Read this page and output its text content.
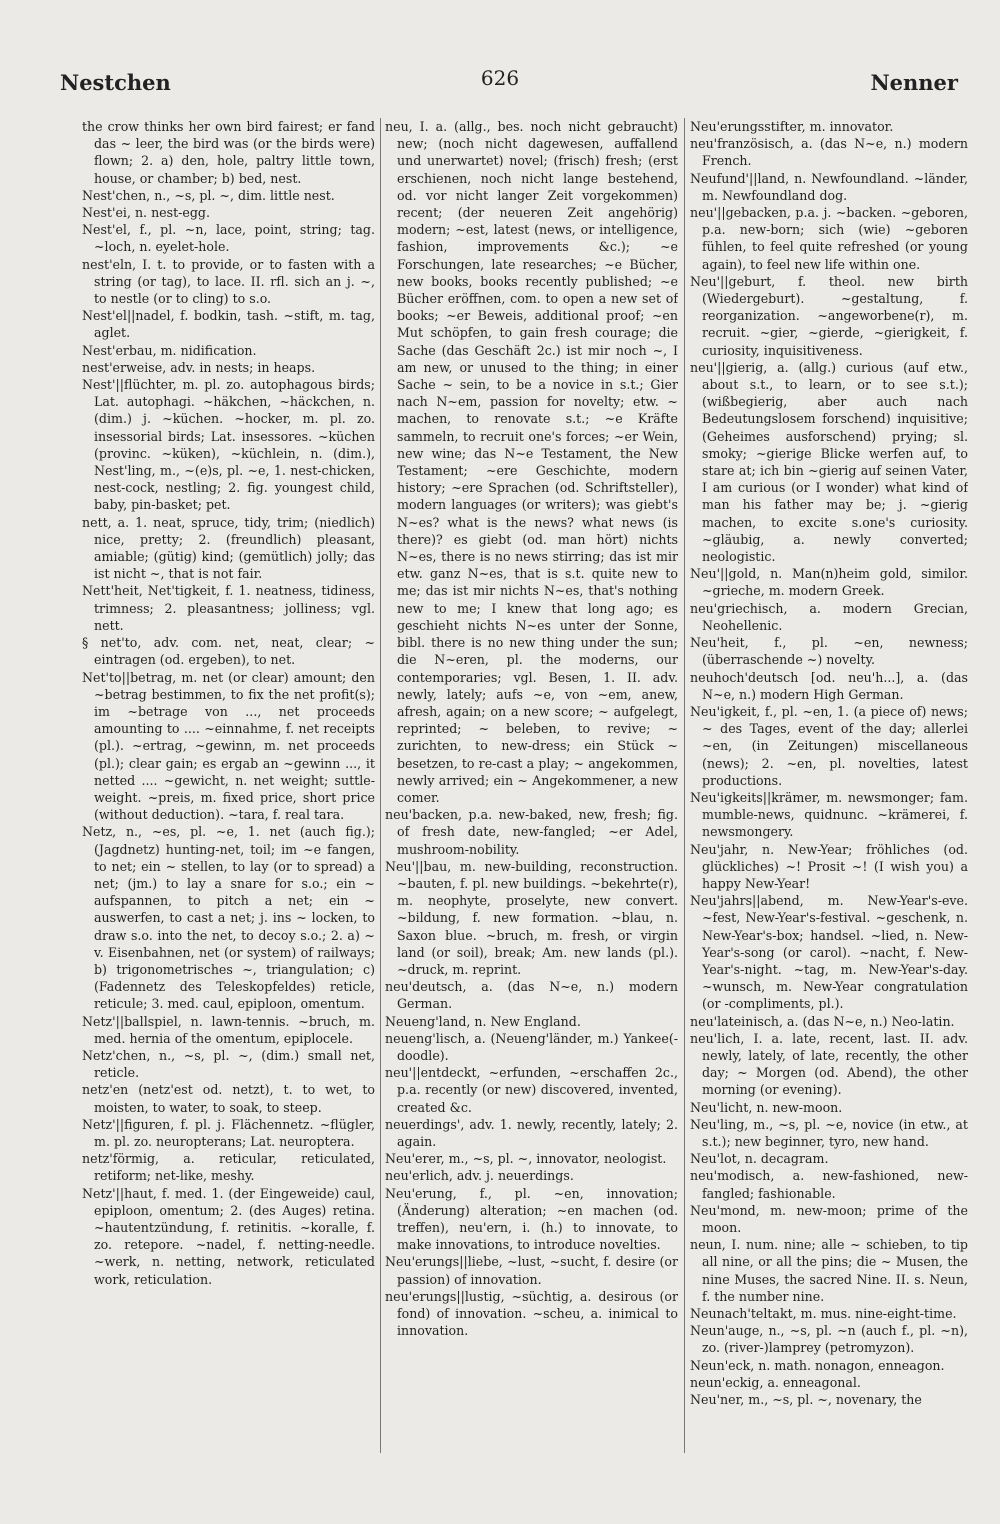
Nestchen	626	Nenner

the crow thinks her own bird fairest; er fand das ~ leer, the bird was (or the birds were) flown; 2. a) den, hole, paltry little town, house, or chamber; b) bed, nest.

Nest'chen, n., ~s, pl. ~, dim. little nest.

Nest'ei, n. nest-egg.

Nest'el, f., pl. ~n, lace, point, string; tag. ~loch, n. eyelet-hole.

nest'eln, I. t. to provide, or to fasten with a string (or tag), to lace. II. rfl. sich an j. ~, to nestle (or to cling) to s.o.

Nest'el||nadel, f. bodkin, tash. ~stift, m. tag, aglet.

Nest'erbau, m. nidification.

nest'erweise, adv. in nests; in heaps.

Nest'||flüchter, m. pl. zo. autophagous birds; Lat. autophagi. ~häkchen, ~häckchen, n. (dim.) j. ~küchen. ~hocker, m. pl. zo. insessorial birds; Lat. insessores. ~küchen (provinc. ~küken), ~küchlein, n. (dim.), Nest'ling, m., ~(e)s, pl. ~e, 1. nest-chicken, nest-cock, nestling; 2. fig. youngest child, baby, pin-basket; pet.

nett, a. 1. neat, spruce, tidy, trim; (niedlich) nice, pretty; 2. (freundlich) pleasant, amiable; (gütig) kind; (gemütlich) jolly; das ist nicht ~, that is not fair.

Nett'heit, Net'tigkeit, f. 1. neatness, tidiness, trimness; 2. pleasantness; jolliness; vgl. nett.

§ net'to, adv. com. net, neat, clear; ~ eintragen (od. ergeben), to net.

Net'to||betrag, m. net (or clear) amount; den ~betrag bestimmen, to fix the net profit(s); im ~betrage von ..., net proceeds amounting to .... ~einnahme, f. net receipts (pl.). ~ertrag, ~gewinn, m. net proceeds (pl.); clear gain; es ergab an ~gewinn ..., it netted .... ~gewicht, n. net weight; suttle-weight. ~preis, m. fixed price, short price (without deduction). ~tara, f. real tara.

Netz, n., ~es, pl. ~e, 1. net (auch fig.); (Jagdnetz) hunting-net, toil; im ~e fangen, to net; ein ~ stellen, to lay (or to spread) a net; (jm.) to lay a snare for s.o.; ein ~ aufspannen, to pitch a net; ein ~ auswerfen, to cast a net; j. ins ~ locken, to draw s.o. into the net, to decoy s.o.; 2. a) ~ v. Eisenbahnen, net (or system) of railways; b) trigonometrisches ~, triangulation; c) (Fadennetz des Teleskopfeldes) reticle, reticule; 3. med. caul, epiploon, omentum.

Netz'||ballspiel, n. lawn-tennis. ~bruch, m. med. hernia of the omentum, epiplocele.

Netz'chen, n., ~s, pl. ~, (dim.) small net, reticle.

netz'en (netz'est od. netzt), t. to wet, to moisten, to water, to soak, to steep.

Netz'||figuren, f. pl. j. Flächennetz. ~flügler, m. pl. zo. neuropterans; Lat. neuroptera.

netz'förmig, a. reticular, reticulated, retiform; net-like, meshy.

Netz'||haut, f. med. 1. (der Eingeweide) caul, epiploon, omentum; 2. (des Auges) retina. ~hautentzündung, f. retinitis. ~koralle, f. zo. retepore. ~nadel, f. netting-needle. ~werk, n. netting, network, reticulated work, reticulation.

neu, I. a. (allg., bes. noch nicht gebraucht) new; (noch nicht dagewesen, auffallend und unerwartet) novel; (frisch) fresh; (erst erschienen, noch nicht lange bestehend, od. vor nicht langer Zeit vorgekommen) recent; (der neueren Zeit angehörig) modern; ~est, latest (news, or intelligence, fashion, improvements &c.); ~e Forschungen, late researches; ~e Bücher, new books, books recently published; ~e Bücher eröffnen, com. to open a new set of books; ~er Beweis, additional proof; ~en Mut schöpfen, to gain fresh courage; die Sache (das Geschäft 2c.) ist mir noch ~, I am new, or unused to the thing; in einer Sache ~ sein, to be a novice in s.t.; Gier nach N~em, passion for novelty; etw. ~ machen, to renovate s.t.; ~e Kräfte sammeln, to recruit one's forces; ~er Wein, new wine; das N~e Testament, the New Testament; ~ere Geschichte, modern history; ~ere Sprachen (od. Schriftsteller), modern languages (or writers); was giebt's N~es? what is the news? what news (is there)? es giebt (od. man hört) nichts N~es, there is no news stirring; das ist mir etw. ganz N~es, that is s.t. quite new to me; das ist mir nichts N~es, that's nothing new to me; I knew that long ago; es geschieht nichts N~es unter der Sonne, bibl. there is no new thing under the sun; die N~eren, pl. the moderns, our contemporaries; vgl. Besen, 1. II. adv. newly, lately; aufs ~e, von ~em, anew, afresh, again; on a new score; ~ aufgelegt, reprinted; ~ beleben, to revive; ~ zurichten, to new-dress; ein Stück ~ besetzen, to re-cast a play; ~ angekommen, newly arrived; ein ~ Angekommener, a new comer.

neu'backen, p.a. new-baked, new, fresh; fig. of fresh date, new-fangled; ~er Adel, mushroom-nobility.

Neu'||bau, m. new-building, reconstruction. ~bauten, f. pl. new buildings. ~bekehrte(r), m. neophyte, proselyte, new convert. ~bildung, f. new formation. ~blau, n. Saxon blue. ~bruch, m. fresh, or virgin land (or soil), break; Am. new lands (pl.). ~druck, m. reprint.

neu'deutsch, a. (das N~e, n.) modern German.

Neueng'land, n. New England.

neueng'lisch, a. (Neueng'länder, m.) Yankee(-doodle).

neu'||entdeckt, ~erfunden, ~erschaffen 2c., p.a. recently (or new) discovered, invented, created &c.

neuerdings', adv. 1. newly, recently, lately; 2. again.

Neu'erer, m., ~s, pl. ~, innovator, neologist.

neu'erlich, adv. j. neuerdings.

Neu'erung, f., pl. ~en, innovation; (Änderung) alteration; ~en machen (od. treffen), neu'ern, i. (h.) to innovate, to make innovations, to introduce novelties.

Neu'erungs||liebe, ~lust, ~sucht, f. desire (or passion) of innovation.

neu'erungs||lustig, ~süchtig, a. desirous (or fond) of innovation. ~scheu, a. inimical to innovation.

Neu'erungsstifter, m. innovator.

neu'französisch, a. (das N~e, n.) modern French.

Neufund'||land, n. Newfoundland. ~länder, m. Newfoundland dog.

neu'||gebacken, p.a. j. ~backen. ~geboren, p.a. new-born; sich (wie) ~geboren fühlen, to feel quite refreshed (or young again), to feel new life within one.

Neu'||geburt, f. theol. new birth (Wiedergeburt). ~gestaltung, f. reorganization. ~angeworbene(r), m. recruit. ~gier, ~gierde, ~gierigkeit, f. curiosity, inquisitiveness.

neu'||gierig, a. (allg.) curious (auf etw., about s.t., to learn, or to see s.t.); (wißbegierig, aber auch nach Bedeutungslosem forschend) inquisitive; (Geheimes ausforschend) prying; sl. smoky; ~gierige Blicke werfen auf, to stare at; ich bin ~gierig auf seinen Vater, I am curious (or I wonder) what kind of man his father may be; j. ~gierig machen, to excite s.one's curiosity. ~gläubig, a. newly converted; neologistic.

Neu'||gold, n. Man(n)heim gold, similor. ~grieche, m. modern Greek.

neu'griechisch, a. modern Grecian, Neohellenic.

Neu'heit, f., pl. ~en, newness; (überraschende ~) novelty.

neuhoch'deutsch [od. neu'h...], a. (das N~e, n.) modern High German.

Neu'igkeit, f., pl. ~en, 1. (a piece of) news; ~ des Tages, event of the day; allerlei ~en, (in Zeitungen) miscellaneous (news); 2. ~en, pl. novelties, latest productions.

Neu'igkeits||krämer, m. newsmonger; fam. mumble-news, quidnunc. ~krämerei, f. newsmongery.

Neu'jahr, n. New-Year; fröhliches (od. glückliches) ~! Prosit ~! (I wish you) a happy New-Year!

Neu'jahrs||abend, m. New-Year's-eve. ~fest, New-Year's-festival. ~geschenk, n. New-Year's-box; handsel. ~lied, n. New-Year's-song (or carol). ~nacht, f. New-Year's-night. ~tag, m. New-Year's-day. ~wunsch, m. New-Year congratulation (or -compliments, pl.).

neu'lateinisch, a. (das N~e, n.) Neo-latin.

neu'lich, I. a. late, recent, last. II. adv. newly, lately, of late, recently, the other day; ~ Morgen (od. Abend), the other morning (or evening).

Neu'licht, n. new-moon.

Neu'ling, m., ~s, pl. ~e, novice (in etw., at s.t.); new beginner, tyro, new hand.

Neu'lot, n. decagram.

neu'modisch, a. new-fashioned, new-fangled; fashionable.

Neu'mond, m. new-moon; prime of the moon.

neun, I. num. nine; alle ~ schieben, to tip all nine, or all the pins; die ~ Musen, the nine Muses, the sacred Nine. II. s. Neun, f. the number nine.

Neunach'teltakt, m. mus. nine-eight-time.

Neun'auge, n., ~s, pl. ~n (auch f., pl. ~n), zo. (river-)lamprey (petromyzon).

Neun'eck, n. math. nonagon, enneagon.

neun'eckig, a. enneagonal.

Neu'ner, m., ~s, pl. ~, novenary, the
